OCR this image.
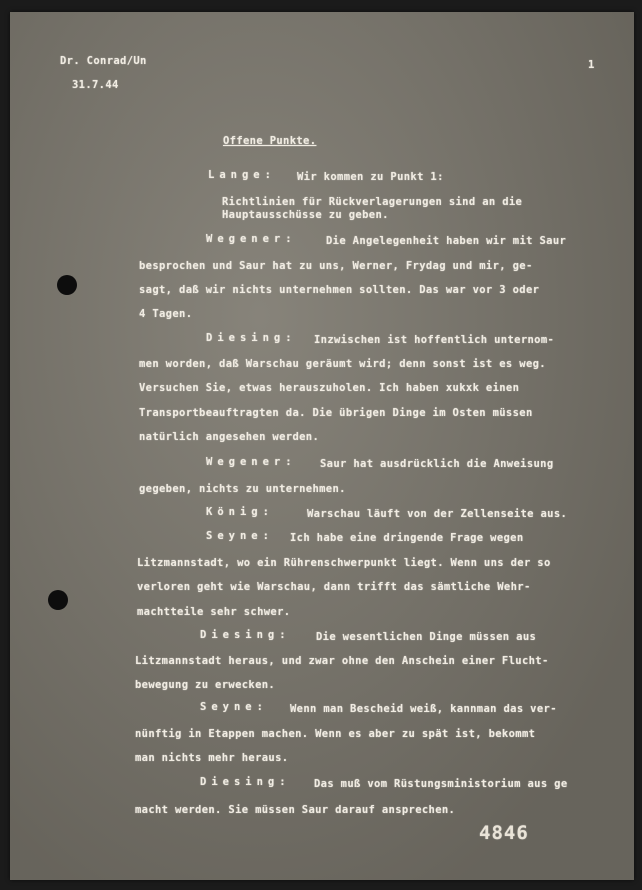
Dr. Conrad/Un
31.7.44
1
Offene Punkte.
Lange: Wir kommen zu Punkt 1:
Richtlinien für Rückverlagerungen sind an die
Hauptausschüsse zu geben.
Wegener:	Die Angelegenheit haben wir mit Saur
besprochen und Saur hat zu uns, Werner, Frydag und mir, ge-
sagt, daß wir nichts unternehmen sollten. Das war vor 3 oder
4 Tagen.
Diesing: Inzwischen ist hoffentlich unternom-
men worden, daß Warschau geräumt wird; denn sonst ist es weg.
Versuchen Sie, etwas herauszuholen. Ich haben xukxk einen
Transportbeauftragten da. Die übrigen Dinge im Osten müssen
natürlich angesehen werden.
Wegener: Saur hat ausdrücklich die Anweisung
gegeben, nichts zu unternehmen.
König:	Warschau läuft von der Zellenseite aus.
Seyne: Ich habe eine dringende Frage wegen
Litzmannstadt, wo ein Rührenschwerpunkt liegt. Wenn uns der so
verloren geht wie Warschau, dann trifft das sämtliche Wehr-
machtteile sehr schwer.
Diesing: Die wesentlichen Dinge müssen aus
Litzmannstadt heraus, und zwar ohne den Anschein einer Flucht-
bewegung zu erwecken.
Seyne: Wenn man Bescheid weiß, kannman das ver-
nünftig in Etappen machen. Wenn es aber zu spät ist, bekommt
man nichts mehr heraus.
Diesing: Das muß vom Rüstungsministorium aus ge
macht werden. Sie müssen Saur darauf ansprechen.
4846
